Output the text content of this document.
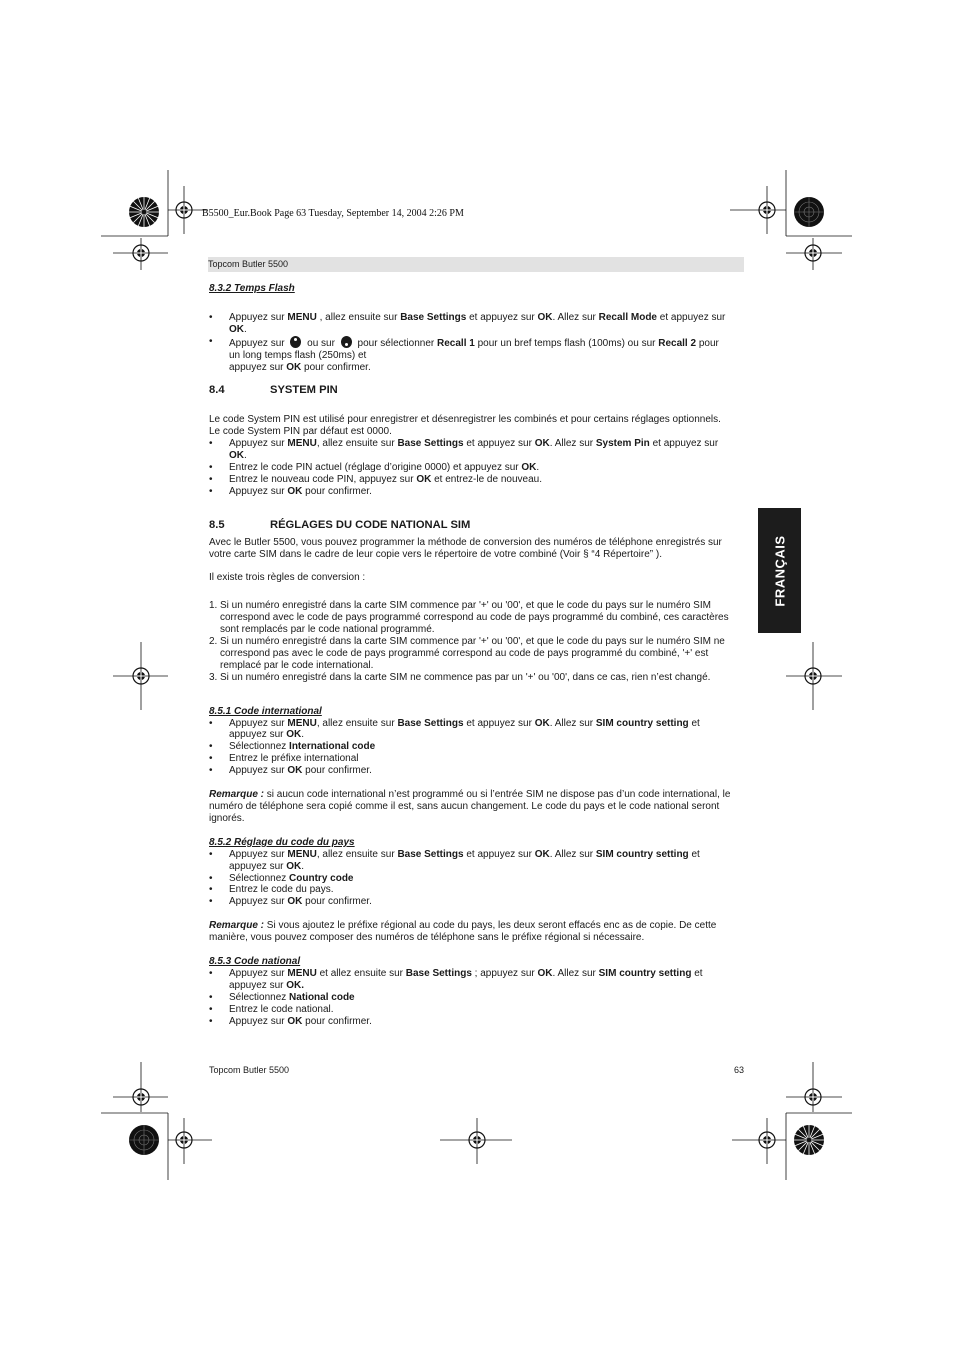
B5500_Eur.Book Page 63 Tuesday, September 14, 2004 2:26 PM
Topcom Butler 5500
FRANÇAIS

8.3.2 Temps Flash

• Appuyez sur MENU , allez ensuite sur Base Settings et appuyez sur OK. Allez sur Recall Mode et appuyez sur
OK.
• Appuyez sur  ou sur  pour sélectionner Recall 1 pour un bref temps flash (100ms) ou sur Recall 2 pour
un long temps flash (250ms) et
appuyez sur OK pour confirmer.

8.4	SYSTEM PIN

Le code System PIN est utilisé pour enregistrer et désenregistrer les combinés et pour certains réglages optionnels.

Le code System PIN par défaut est 0000.

• Appuyez sur MENU, allez ensuite sur Base Settings et appuyez sur OK. Allez sur System Pin et appuyez sur
OK.
• Entrez le code PIN actuel (réglage d’origine 0000) et appuyez sur OK.
• Entrez le nouveau code PIN, appuyez sur OK et entrez-le de nouveau.
• Appuyez sur OK pour confirmer.

8.5	RÉGLAGES DU CODE NATIONAL SIM

Avec le Butler 5500, vous pouvez programmer la méthode de conversion des numéros de téléphone enregistrés sur

votre carte SIM dans le cadre de leur copie vers le répertoire de votre combiné (Voir § “4 Répertoire” ).

Il existe trois règles de conversion :

1. Si un numéro enregistré dans la carte SIM commence par '+' ou '00', et que le code du pays sur le numéro SIM
correspond avec le code de pays programmé correspond au code de pays programmé du combiné, ces caractères
sont remplacés par le code national programmé.
2. Si un numéro enregistré dans la carte SIM commence par '+' ou '00', et que le code du pays sur le numéro SIM ne
correspond pas avec le code de pays programmé correspond au code de pays programmé du combiné, '+' est
remplacé par le code international.
3. Si un numéro enregistré dans la carte SIM ne commence pas par un '+' ou '00', dans ce cas, rien n’est changé.

8.5.1 Code international

• Appuyez sur MENU, allez ensuite sur Base Settings et appuyez sur OK. Allez sur SIM country setting et
appuyez sur OK.
• Sélectionnez International code
• Entrez le préfixe international
• Appuyez sur OK pour confirmer.

Remarque : si aucun code international n’est programmé ou si l’entrée SIM ne dispose pas d’un code international, le
numéro de téléphone sera copié comme il est, sans aucun changement. Le code du pays et le code national seront
ignorés.

8.5.2 Réglage du code du pays

• Appuyez sur MENU, allez ensuite sur Base Settings et appuyez sur OK. Allez sur SIM country setting et
appuyez sur OK.
• Sélectionnez Country code
• Entrez le code du pays.
• Appuyez sur OK pour confirmer.

Remarque : Si vous ajoutez le préfixe régional au code du pays, les deux seront effacés enc as de copie. De cette
manière, vous pouvez composer des numéros de téléphone sans le préfixe régional si nécessaire.

8.5.3 Code national

• Appuyez sur MENU et allez ensuite sur Base Settings ; appuyez sur OK. Allez sur SIM country setting et
appuyez sur OK.
• Sélectionnez National code
• Entrez le code national.
• Appuyez sur OK pour confirmer.
Topcom Butler 5500	63
